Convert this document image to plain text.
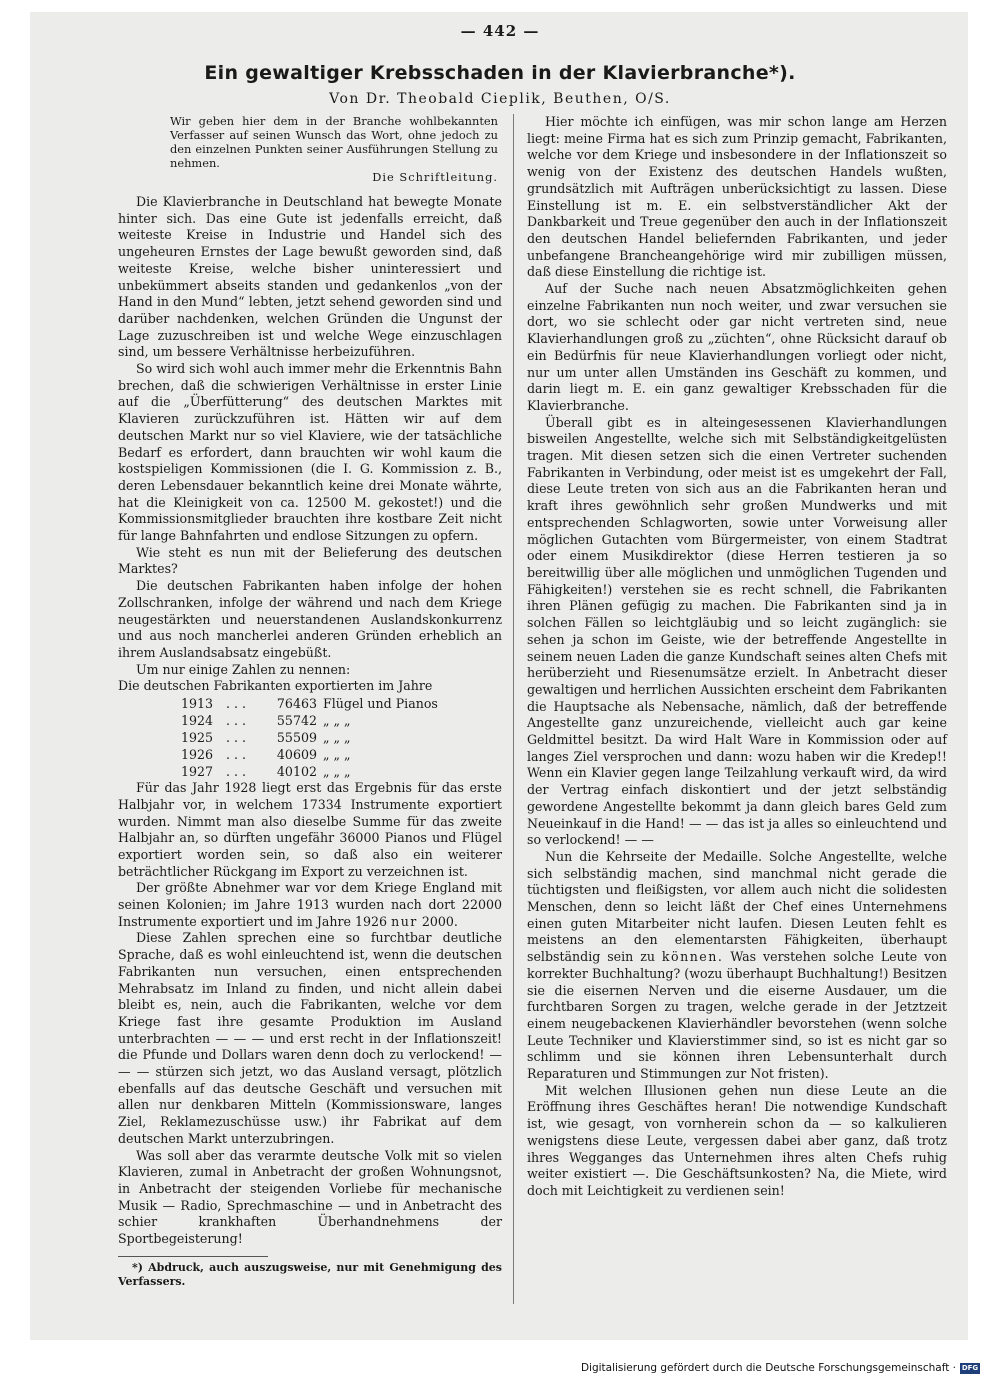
— 442 —
Ein gewaltiger Krebsschaden in der Klavierbranche*).
Von Dr. Theobald Cieplik, Beuthen, O/S.
Wir geben hier dem in der Branche wohlbekannten Verfasser auf seinen Wunsch das Wort, ohne jedoch zu den einzelnen Punkten seiner Ausführungen Stellung zu nehmen.
Die Schriftleitung.

Die Klavierbranche in Deutschland hat bewegte Monate hinter sich. Das eine Gute ist jedenfalls erreicht, daß weiteste Kreise in Industrie und Handel sich des ungeheuren Ernstes der Lage bewußt geworden sind, daß weiteste Kreise, welche bisher uninteressiert und unbekümmert abseits standen und gedankenlos „von der Hand in den Mund“ lebten, jetzt sehend geworden sind und darüber nachdenken, welchen Gründen die Ungunst der Lage zuzuschreiben ist und welche Wege einzuschlagen sind, um bessere Verhältnisse herbeizuführen.

So wird sich wohl auch immer mehr die Erkenntnis Bahn brechen, daß die schwierigen Verhältnisse in erster Linie auf die „Überfütterung“ des deutschen Marktes mit Klavieren zurückzuführen ist. Hätten wir auf dem deutschen Markt nur so viel Klaviere, wie der tatsächliche Bedarf es erfordert, dann brauchten wir wohl kaum die kostspieligen Kommissionen (die I. G. Kommission z. B., deren Lebensdauer bekanntlich keine drei Monate währte, hat die Kleinigkeit von ca. 12500 M. gekostet!) und die Kommissionsmitglieder brauchten ihre kostbare Zeit nicht für lange Bahnfahrten und endlose Sitzungen zu opfern.

Wie steht es nun mit der Belieferung des deutschen Marktes?

Die deutschen Fabrikanten haben infolge der hohen Zollschranken, infolge der während und nach dem Kriege neugestärkten und neuerstandenen Auslandskonkurrenz und aus noch mancherlei anderen Gründen erheblich an ihrem Auslandsabsatz eingebüßt.

Um nur einige Zahlen zu nennen:

Die deutschen Fabrikanten exportierten im Jahre

1913	. . .	76463 Flügel und Pianos
1924	. . .	55742 „ „ „
1925	. . .	55509 „ „ „
1926	. . .	40609 „ „ „
1927	. . .	40102 „ „ „

Für das Jahr 1928 liegt erst das Ergebnis für das erste Halbjahr vor, in welchem 17334 Instrumente exportiert wurden. Nimmt man also dieselbe Summe für das zweite Halbjahr an, so dürften ungefähr 36000 Pianos und Flügel exportiert worden sein, so daß also ein weiterer beträchtlicher Rückgang im Export zu verzeichnen ist.

Der größte Abnehmer war vor dem Kriege England mit seinen Kolonien; im Jahre 1913 wurden nach dort 22000 Instrumente exportiert und im Jahre 1926 nur 2000.

Diese Zahlen sprechen eine so furchtbar deutliche Sprache, daß es wohl einleuchtend ist, wenn die deutschen Fabrikanten nun versuchen, einen entsprechenden Mehrabsatz im Inland zu finden, und nicht allein dabei bleibt es, nein, auch die Fabrikanten, welche vor dem Kriege fast ihre gesamte Produktion im Ausland unterbrachten — — — und erst recht in der Inflationszeit! die Pfunde und Dollars waren denn doch zu verlockend! — — — stürzen sich jetzt, wo das Ausland versagt, plötzlich ebenfalls auf das deutsche Geschäft und versuchen mit allen nur denkbaren Mitteln (Kommissionsware, langes Ziel, Reklamezuschüsse usw.) ihr Fabrikat auf dem deutschen Markt unterzubringen.

Was soll aber das verarmte deutsche Volk mit so vielen Klavieren, zumal in Anbetracht der großen Wohnungsnot, in Anbetracht der steigenden Vorliebe für mechanische Musik — Radio, Sprechmaschine — und in Anbetracht des schier krankhaften Überhandnehmens der Sportbegeisterung!

*) Abdruck, auch auszugsweise, nur mit Genehmigung des Verfassers.

Hier möchte ich einfügen, was mir schon lange am Herzen liegt: meine Firma hat es sich zum Prinzip gemacht, Fabrikanten, welche vor dem Kriege und insbesondere in der Inflationszeit so wenig von der Existenz des deutschen Handels wußten, grundsätzlich mit Aufträgen unberücksichtigt zu lassen. Diese Einstellung ist m. E. ein selbstverständlicher Akt der Dankbarkeit und Treue gegenüber den auch in der Inflationszeit den deutschen Handel beliefernden Fabrikanten, und jeder unbefangene Brancheangehörige wird mir zubilligen müssen, daß diese Einstellung die richtige ist.

Auf der Suche nach neuen Absatzmöglichkeiten gehen einzelne Fabrikanten nun noch weiter, und zwar versuchen sie dort, wo sie schlecht oder gar nicht vertreten sind, neue Klavierhandlungen groß zu „züchten“, ohne Rücksicht darauf ob ein Bedürfnis für neue Klavierhandlungen vorliegt oder nicht, nur um unter allen Umständen ins Geschäft zu kommen, und darin liegt m. E. ein ganz gewaltiger Krebsschaden für die Klavierbranche.

Überall gibt es in alteingesessenen Klavierhandlungen bisweilen Angestellte, welche sich mit Selbständigkeitgelüsten tragen. Mit diesen setzen sich die einen Vertreter suchenden Fabrikanten in Verbindung, oder meist ist es umgekehrt der Fall, diese Leute treten von sich aus an die Fabrikanten heran und kraft ihres gewöhnlich sehr großen Mundwerks und mit entsprechenden Schlagworten, sowie unter Vorweisung aller möglichen Gutachten vom Bürgermeister, von einem Stadtrat oder einem Musikdirektor (diese Herren testieren ja so bereitwillig über alle möglichen und unmöglichen Tugenden und Fähigkeiten!) verstehen sie es recht schnell, die Fabrikanten ihren Plänen gefügig zu machen. Die Fabrikanten sind ja in solchen Fällen so leichtgläubig und so leicht zugänglich: sie sehen ja schon im Geiste, wie der betreffende Angestellte in seinem neuen Laden die ganze Kundschaft seines alten Chefs mit herüberzieht und Riesenumsätze erzielt. In Anbetracht dieser gewaltigen und herrlichen Aussichten erscheint dem Fabrikanten die Hauptsache als Nebensache, nämlich, daß der betreffende Angestellte ganz unzureichende, vielleicht auch gar keine Geldmittel besitzt. Da wird Halt Ware in Kommission oder auf langes Ziel versprochen und dann: wozu haben wir die Kredep!! Wenn ein Klavier gegen lange Teilzahlung verkauft wird, da wird der Vertrag einfach diskontiert und der jetzt selbständig gewordene Angestellte bekommt ja dann gleich bares Geld zum Neueinkauf in die Hand! — — das ist ja alles so einleuchtend und so verlockend! — —

Nun die Kehrseite der Medaille. Solche Angestellte, welche sich selbständig machen, sind manchmal nicht gerade die tüchtigsten und fleißigsten, vor allem auch nicht die solidesten Menschen, denn so leicht läßt der Chef eines Unternehmens einen guten Mitarbeiter nicht laufen. Diesen Leuten fehlt es meistens an den elementarsten Fähigkeiten, überhaupt selbständig sein zu können. Was verstehen solche Leute von korrekter Buchhaltung? (wozu überhaupt Buchhaltung!) Besitzen sie die eisernen Nerven und die eiserne Ausdauer, um die furchtbaren Sorgen zu tragen, welche gerade in der Jetztzeit einem neugebackenen Klavierhändler bevorstehen (wenn solche Leute Techniker und Klavierstimmer sind, so ist es nicht gar so schlimm und sie können ihren Lebensunterhalt durch Reparaturen und Stimmungen zur Not fristen).

Mit welchen Illusionen gehen nun diese Leute an die Eröffnung ihres Geschäftes heran! Die notwendige Kundschaft ist, wie gesagt, von vornherein schon da — so kalkulieren wenigstens diese Leute, vergessen dabei aber ganz, daß trotz ihres Wegganges das Unternehmen ihres alten Chefs ruhig weiter existiert —. Die Geschäftsunkosten? Na, die Miete, wird doch mit Leichtigkeit zu verdienen sein!

Digitalisierung gefördert durch die Deutsche Forschungsgemeinschaft · DFG
